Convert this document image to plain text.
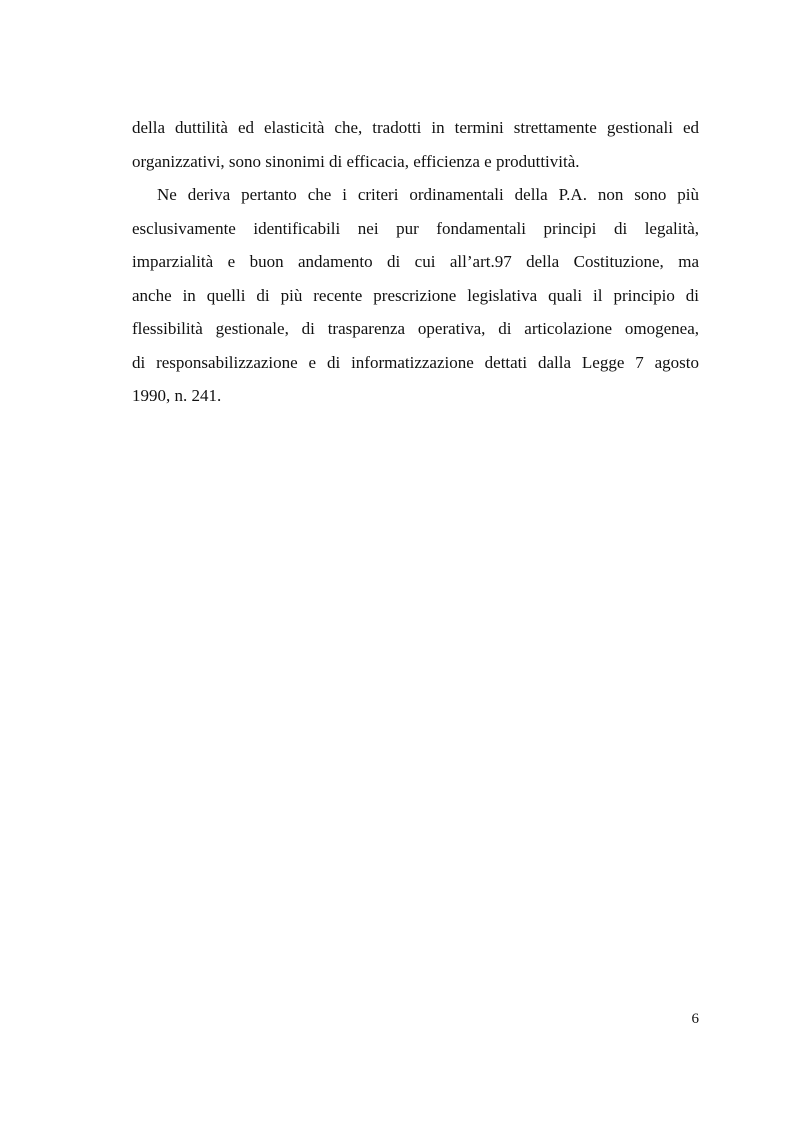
della duttilità ed elasticità che, tradotti in termini strettamente gestionali ed
organizzativi, sono sinonimi di efficacia, efficienza e produttività.
Ne deriva pertanto che i criteri ordinamentali della P.A. non sono più
esclusivamente identificabili nei pur fondamentali principi di legalità,
imparzialità e buon andamento di cui all’art.97 della Costituzione, ma
anche in quelli di più recente prescrizione legislativa quali il principio di
flessibilità gestionale, di trasparenza operativa, di articolazione omogenea,
di responsabilizzazione e di informatizzazione dettati dalla Legge 7 agosto
1990, n. 241.
6
